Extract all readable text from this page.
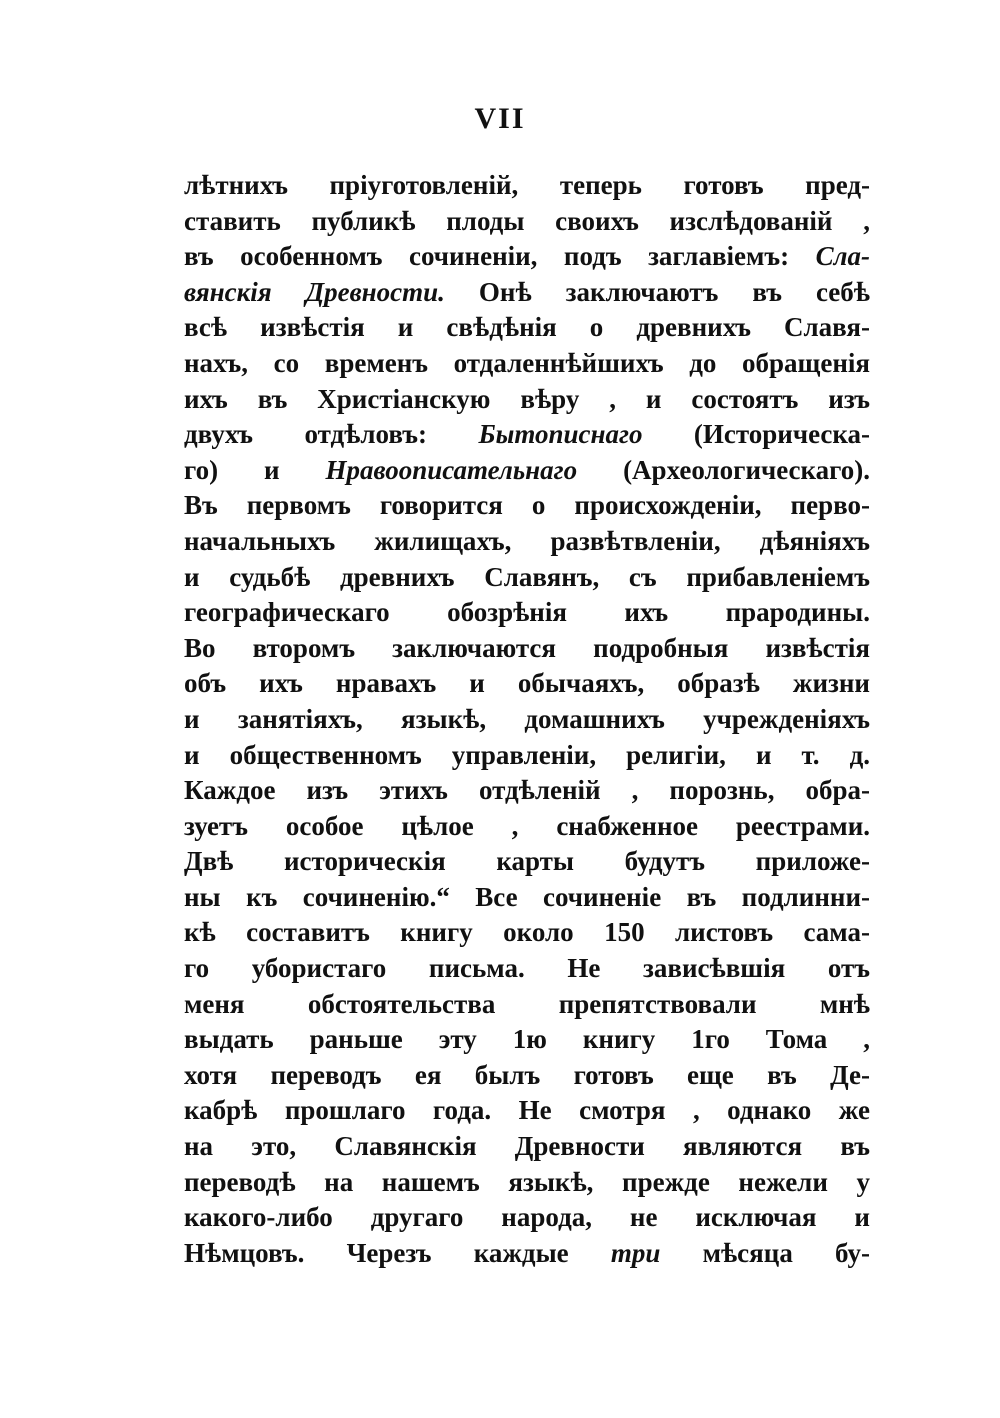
VII
лѣтнихъ пріуготовленій, теперь готовъ пред-
ставить публикѣ плоды своихъ изслѣдованій ,
въ особенномъ сочиненіи, подъ заглавіемъ: Сла-
вянскія Древности. Онѣ заключаютъ въ себѣ
всѣ извѣстія и свѣдѣнія о древнихъ Славя-
нахъ, со временъ отдаленнѣйшихъ до обращенія
ихъ въ Христіанскую вѣру , и состоятъ изъ
двухъ отдѣловъ: Бытописнаго (Историческа-
го) и Нравоописательнаго (Археологическаго).
Въ первомъ говорится о происхожденіи, перво-
начальныхъ жилищахъ, развѣтвленіи, дѣяніяхъ
и судьбѣ древнихъ Славянъ, съ прибавленіемъ
географическаго обозрѣнія ихъ прародины.
Во второмъ заключаются подробныя извѣстія
объ ихъ нравахъ и обычаяхъ, образѣ жизни
и занятіяхъ, языкѣ, домашнихъ учрежденіяхъ
и общественномъ управленіи, религіи, и т. д.
Каждое изъ этихъ отдѣленій , порознь, обра-
зуетъ особое цѣлое , снабженное реестрами.
Двѣ историческія карты будутъ приложе-
ны къ сочиненію.“ Все сочиненіе въ подлинни-
кѣ составитъ книгу около 150 листовъ сама-
го убористаго письма. Не зависѣвшія отъ
меня обстоятельства препятствовали мнѣ
выдать раньше эту 1ю книгу 1го Тома ,
хотя переводъ ея былъ готовъ еще въ Де-
кабрѣ прошлаго года. Не смотря , однако же
на это, Славянскія Древности являются въ
переводѣ на нашемъ языкѣ, прежде нежели у
какого-либо другаго народа, не исключая и
Нѣмцовъ. Черезъ каждые три мѣсяца бу-
